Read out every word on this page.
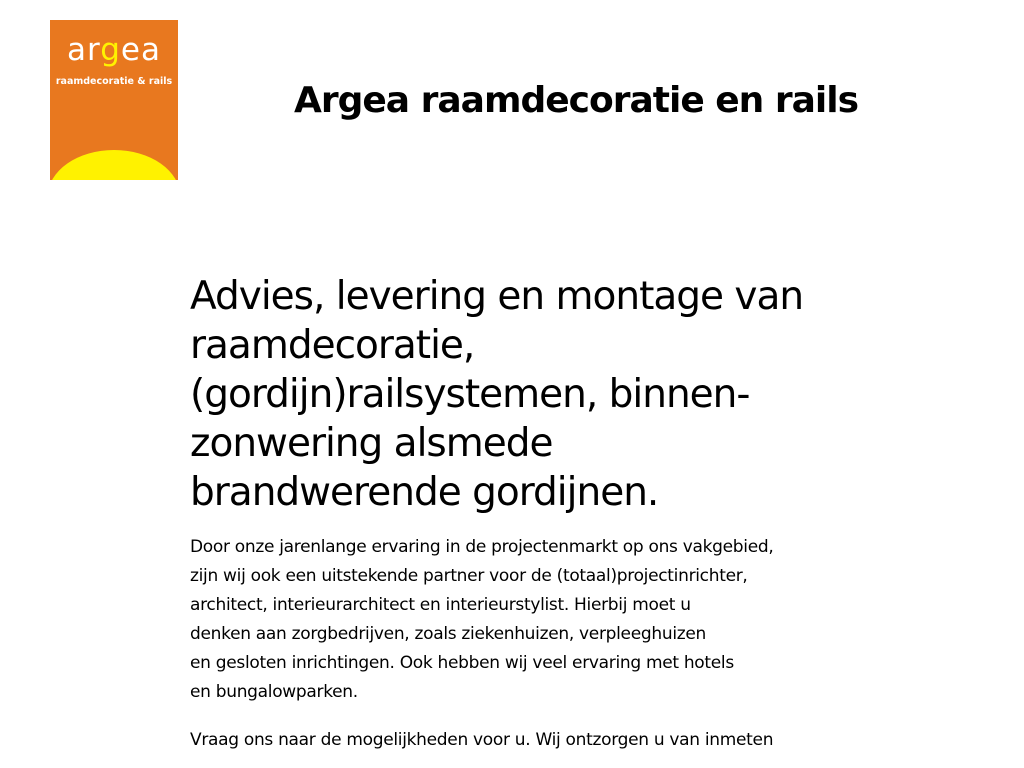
argea
raamdecoratie & rails	Argea raamdecoratie en rails
Advies, levering en montage van
raamdecoratie,
(gordijn)railsystemen, binnen-
zonwering alsmede
brandwerende gordijnen.

Door onze jarenlange ervaring in de projectenmarkt op ons vakgebied,
zijn wij ook een uitstekende partner voor de (totaal)projectinrichter,
architect, interieurarchitect en interieurstylist. Hierbij moet u
denken aan zorgbedrijven, zoals ziekenhuizen, verpleeghuizen
en gesloten inrichtingen. Ook hebben wij veel ervaring met hotels
en bungalowparken.

Vraag ons naar de mogelijkheden voor u. Wij ontzorgen u van inmeten
